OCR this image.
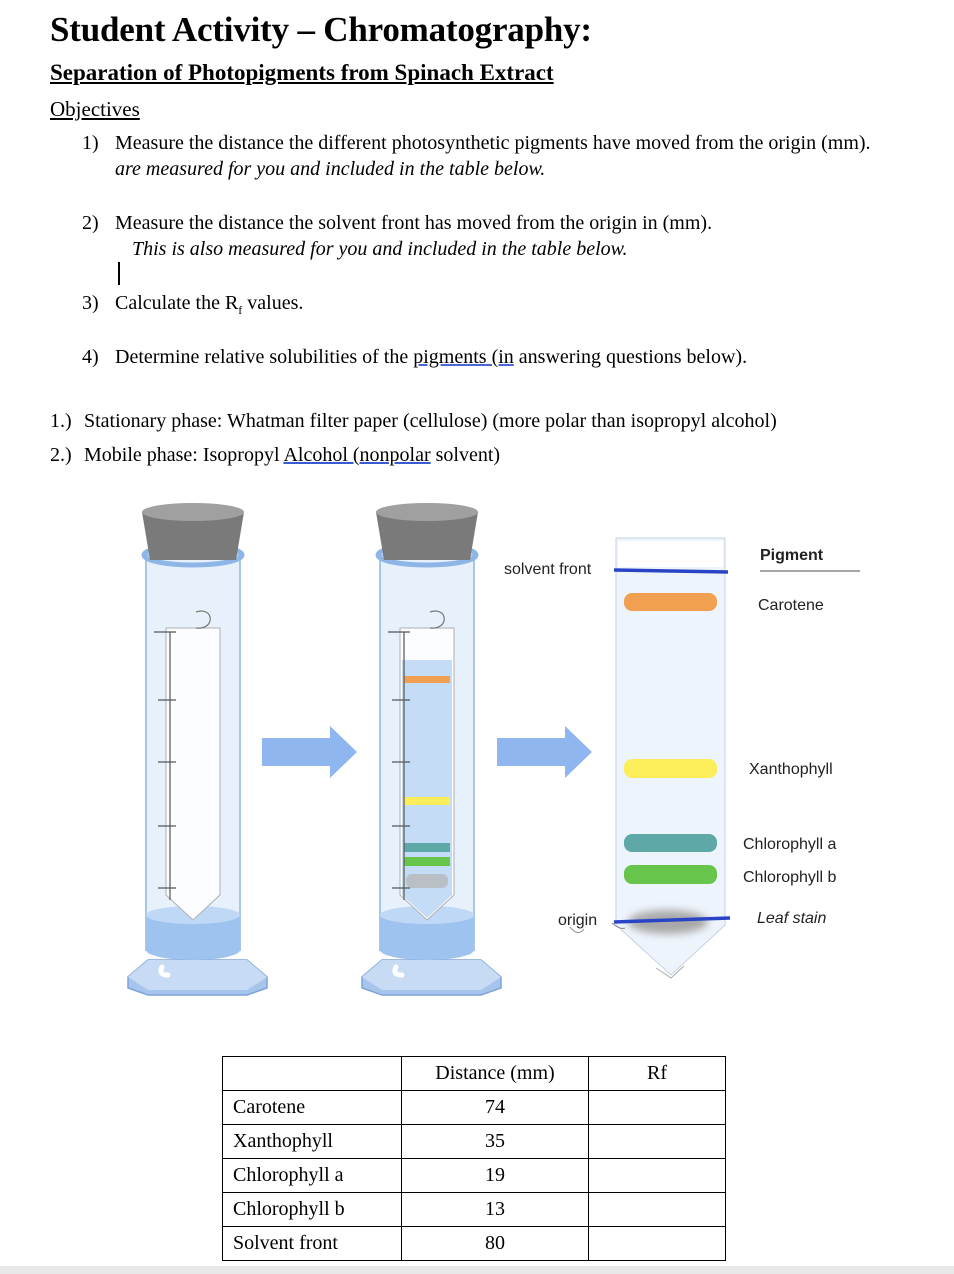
Student Activity – Chromatography:
Separation of Photopigments from Spinach Extract
Objectives
1) Measure the distance the different photosynthetic pigments have moved from the origin (mm).
are measured for you and included in the table below.
2) Measure the distance the solvent front has moved from the origin in (mm).
This is also measured for you and included in the table below.
3) Calculate the $R_f$ values.
4) Determine relative solubilities of the pigments (in answering questions below).
1.) Stationary phase: Whatman filter paper (cellulose) (more polar than isopropyl alcohol)
2.) Mobile phase: Isopropyl Alcohol (nonpolar solvent)
solvent front
origin
Pigment
Carotene
Xanthophyll
Chlorophyll a
Chlorophyll b
Leaf stain
	Distance (mm)	Rf
Carotene	74	
Xanthophyll	35	
Chlorophyll a	19	
Chlorophyll b	13	
Solvent front	80	
